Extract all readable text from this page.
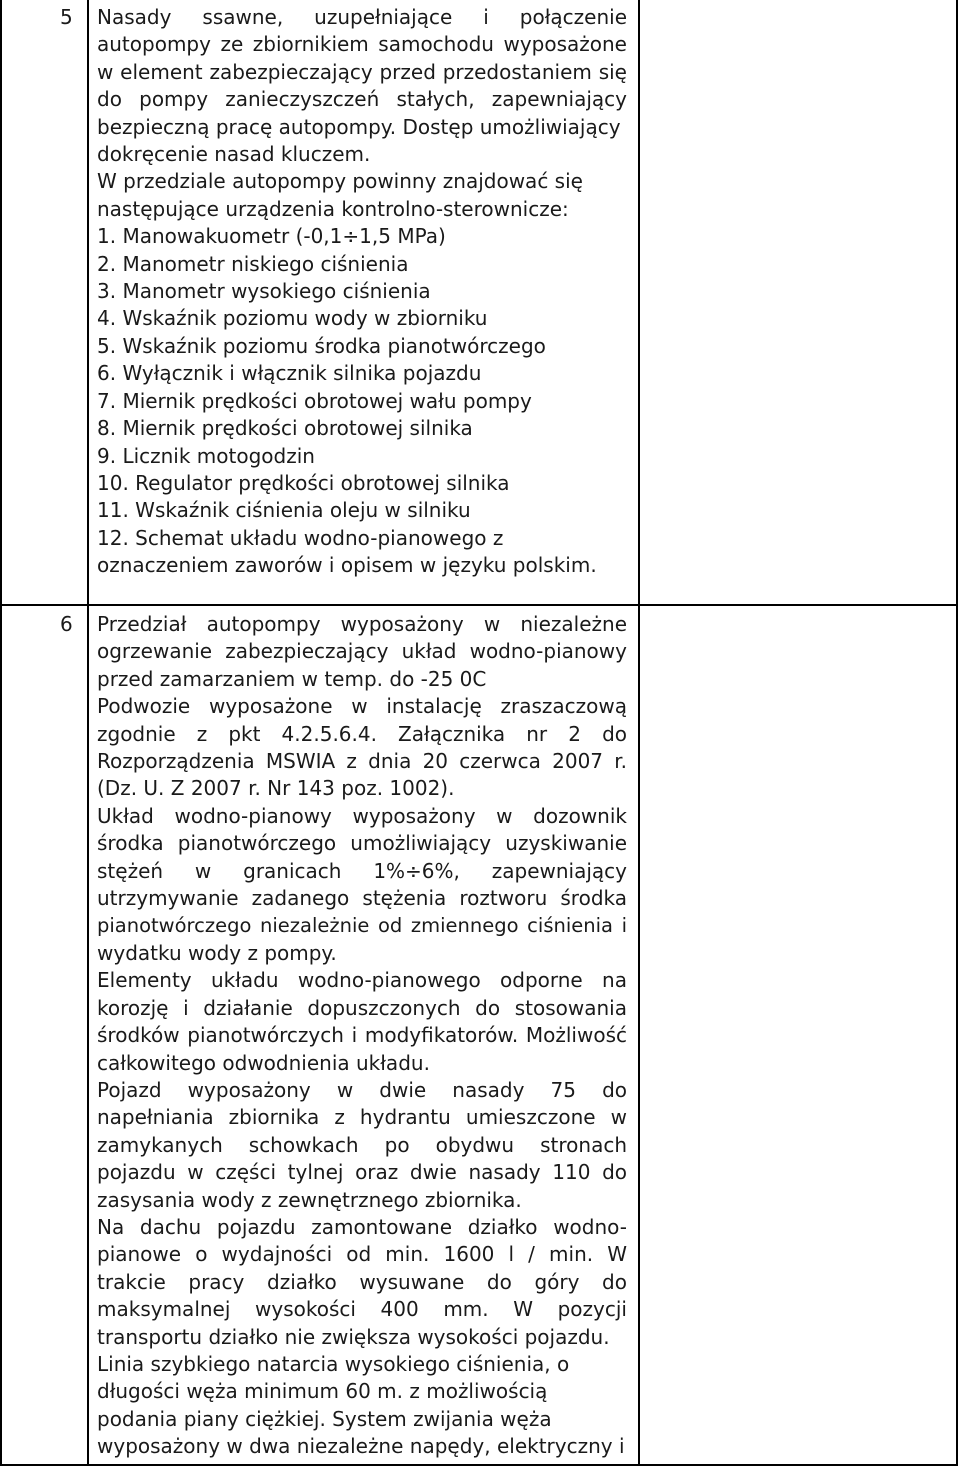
5 Nasady ssawne, uzupełniające i połączenie
autopompy ze zbiornikiem samochodu wyposażone
w element zabezpieczający przed przedostaniem się
do pompy zanieczyszczeń stałych, zapewniający
bezpieczną pracę autopompy. Dostęp umożliwiający
dokręcenie nasad kluczem.
W przedziale autopompy powinny znajdować się
następujące urządzenia kontrolno-sterownicze:
1. Manowakuometr (-0,1÷1,5 MPa)
2. Manometr niskiego ciśnienia
3. Manometr wysokiego ciśnienia
4. Wskaźnik poziomu wody w zbiorniku
5. Wskaźnik poziomu środka pianotwórczego
6. Wyłącznik i włącznik silnika pojazdu
7. Miernik prędkości obrotowej wału pompy
8. Miernik prędkości obrotowej silnika
9. Licznik motogodzin
10. Regulator prędkości obrotowej silnika
11. Wskaźnik ciśnienia oleju w silniku
12. Schemat układu wodno-pianowego z
oznaczeniem zaworów i opisem w języku polskim.
6 Przedział autopompy wyposażony w niezależne
ogrzewanie zabezpieczający układ wodno-pianowy
przed zamarzaniem w temp. do -25 0C
Podwozie wyposażone w instalację zraszaczową
zgodnie z pkt 4.2.5.6.4. Załącznika nr 2 do
Rozporządzenia MSWIA z dnia 20 czerwca 2007 r.
(Dz. U. Z 2007 r. Nr 143 poz. 1002).
Układ wodno-pianowy wyposażony w dozownik
środka pianotwórczego umożliwiający uzyskiwanie
stężeń w granicach 1%÷6%, zapewniający
utrzymywanie zadanego stężenia roztworu środka
pianotwórczego niezależnie od zmiennego ciśnienia i
wydatku wody z pompy.
Elementy układu wodno-pianowego odporne na
korozję i działanie dopuszczonych do stosowania
środków pianotwórczych i modyfikatorów. Możliwość
całkowitego odwodnienia układu.
Pojazd wyposażony w dwie nasady 75 do
napełniania zbiornika z hydrantu umieszczone w
zamykanych schowkach po obydwu stronach
pojazdu w części tylnej oraz dwie nasady 110 do
zasysania wody z zewnętrznego zbiornika.
Na dachu pojazdu zamontowane działko wodno-
pianowe o wydajności od min. 1600 l / min. W
trakcie pracy działko wysuwane do góry do
maksymalnej wysokości 400 mm. W pozycji
transportu działko nie zwiększa wysokości pojazdu.
Linia szybkiego natarcia wysokiego ciśnienia, o
długości węża minimum 60 m. z możliwością
podania piany ciężkiej. System zwijania węża
wyposażony w dwa niezależne napędy, elektryczny i
